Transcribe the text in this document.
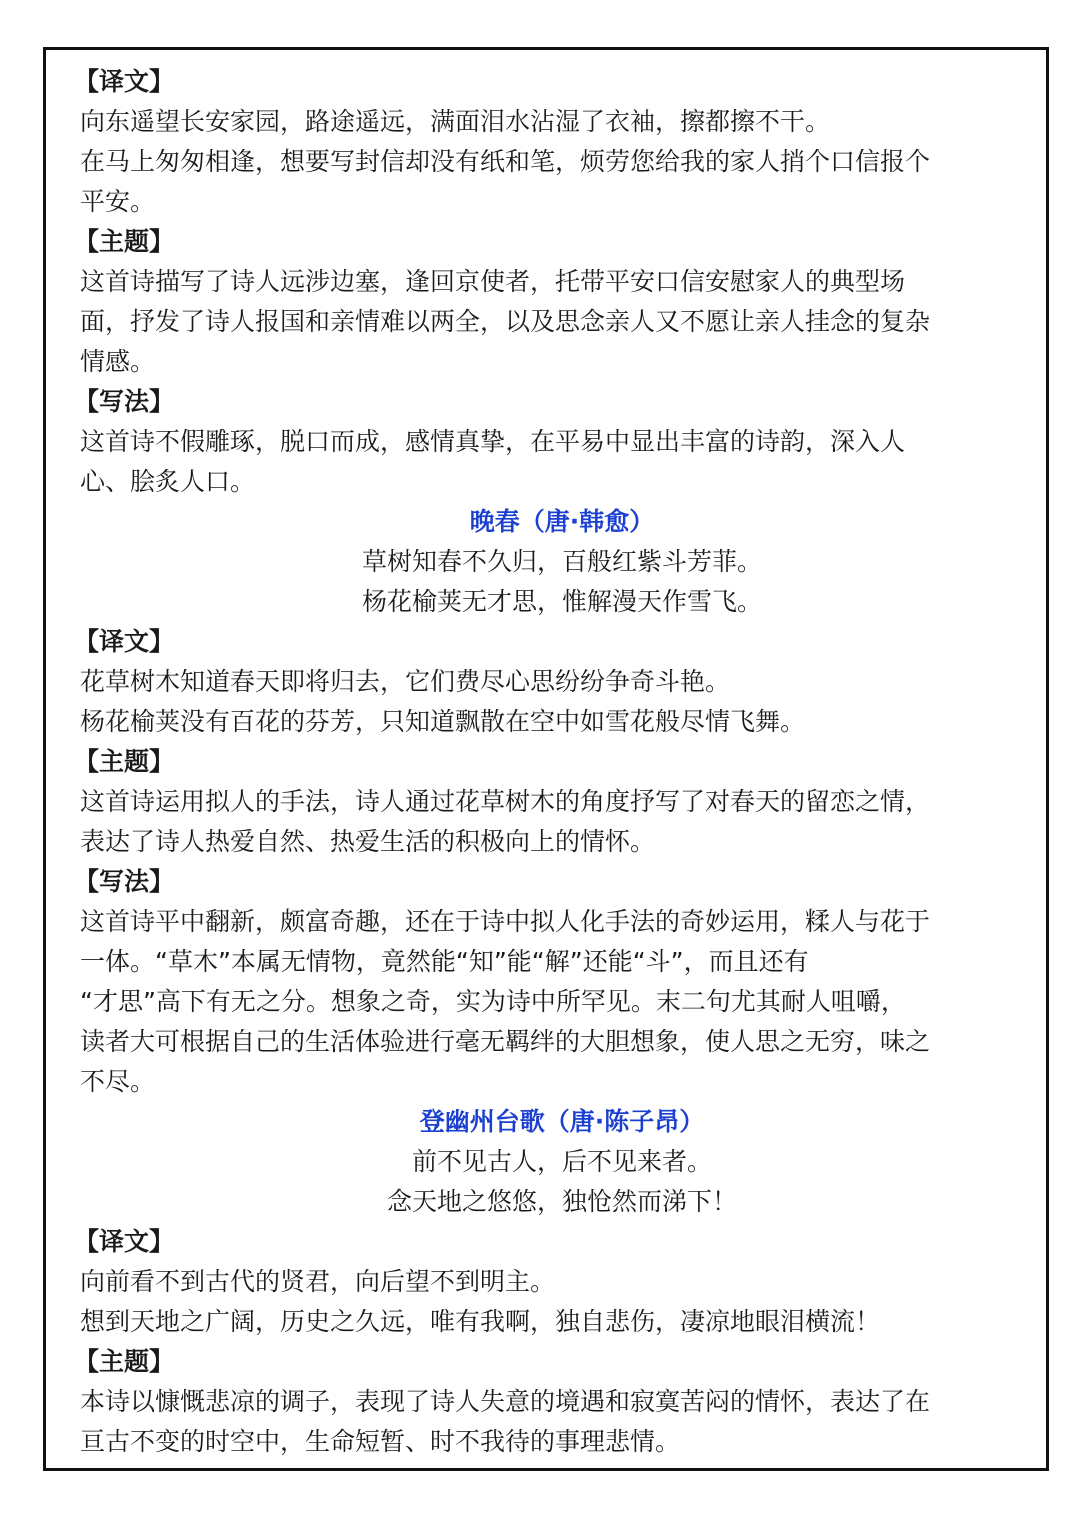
【译文】
向东遥望长安家园，路途遥远，满面泪水沾湿了衣袖，擦都擦不干。
在马上匆匆相逢，想要写封信却没有纸和笔，烦劳您给我的家人捎个口信报个
平安。
【主题】
这首诗描写了诗人远涉边塞，逢回京使者，托带平安口信安慰家人的典型场
面，抒发了诗人报国和亲情难以两全，以及思念亲人又不愿让亲人挂念的复杂
情感。
【写法】
这首诗不假雕琢，脱口而成，感情真挚，在平易中显出丰富的诗韵，深入人
心、脍炙人口。
晚春（唐·韩愈）
草树知春不久归，百般红紫斗芳菲。
杨花榆荚无才思，惟解漫天作雪飞。
【译文】
花草树木知道春天即将归去，它们费尽心思纷纷争奇斗艳。
杨花榆荚没有百花的芬芳，只知道飘散在空中如雪花般尽情飞舞。
【主题】
这首诗运用拟人的手法，诗人通过花草树木的角度抒写了对春天的留恋之情，
表达了诗人热爱自然、热爱生活的积极向上的情怀。
【写法】
这首诗平中翻新，颇富奇趣，还在于诗中拟人化手法的奇妙运用，糅人与花于
一体。“草木”本属无情物，竟然能“知”能“解”还能“斗”，而且还有
“才思”高下有无之分。想象之奇，实为诗中所罕见。末二句尤其耐人咀嚼，
读者大可根据自己的生活体验进行毫无羁绊的大胆想象，使人思之无穷，味之
不尽。
登幽州台歌（唐·陈子昂）
前不见古人，后不见来者。
念天地之悠悠，独怆然而涕下！
【译文】
向前看不到古代的贤君，向后望不到明主。
想到天地之广阔，历史之久远，唯有我啊，独自悲伤，凄凉地眼泪横流！
【主题】
本诗以慷慨悲凉的调子，表现了诗人失意的境遇和寂寞苦闷的情怀，表达了在
亘古不变的时空中，生命短暂、时不我待的事理悲情。
